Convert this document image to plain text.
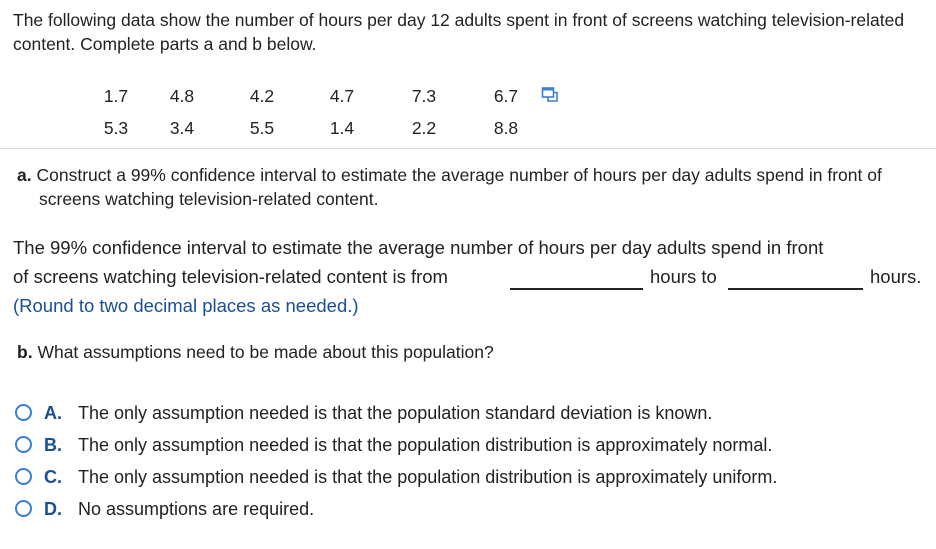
The following data show the number of hours per day 12 adults spent in front of screens watching television-related content. Complete parts a and b below.
1.7	4.8	4.2	4.7	7.3	6.7
5.3	3.4	5.5	1.4	2.2	8.8
a. Construct a 99% confidence interval to estimate the average number of hours per day adults spend in front of screens watching television-related content.
The 99% confidence interval to estimate the average number of hours per day adults spend in front
of screens watching television-related content is from	hours to	hours.
(Round to two decimal places as needed.)
b. What assumptions need to be made about this population?
A. The only assumption needed is that the population standard deviation is known.
B. The only assumption needed is that the population distribution is approximately normal.
C. The only assumption needed is that the population distribution is approximately uniform.
D. No assumptions are required.
